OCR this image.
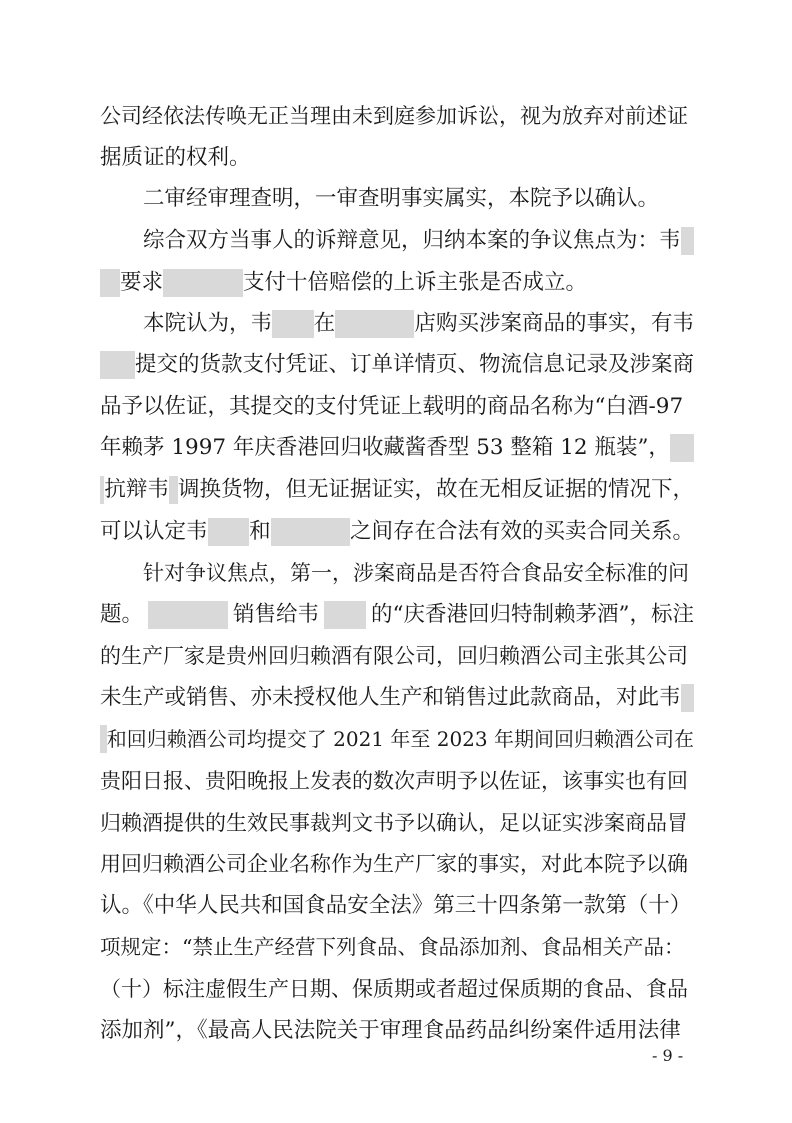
公司经依法传唤无正当理由未到庭参加诉讼，视为放弃对前述证
据质证的权利。
二审经审理查明，一审查明事实属实，本院予以确认。
综合双方当事人的诉辩意见，归纳本案的争议焦点为：韦
要求	支付十倍赔偿的上诉主张是否成立。
本院认为，韦 在	店购买涉案商品的事实，有韦
提交的货款支付凭证、订单详情页、物流信息记录及涉案商
品予以佐证，其提交的支付凭证上载明的商品名称为“白酒-97
年赖茅 1997 年庆香港回归收藏酱香型 53 整箱 12 瓶装”，
抗辩韦 调换货物，但无证据证实，故在无相反证据的情况下，
可以认定韦 和	之间存在合法有效的买卖合同关系。
针对争议焦点，第一，涉案商品是否符合食品安全标准的问
题。	销售给韦 的“庆香港回归特制赖茅酒”，标注
的生产厂家是贵州回归赖酒有限公司，回归赖酒公司主张其公司
未生产或销售、亦未授权他人生产和销售过此款商品，对此韦
和回归赖酒公司均提交了 2021 年至 2023 年期间回归赖酒公司在
贵阳日报、贵阳晚报上发表的数次声明予以佐证，该事实也有回
归赖酒提供的生效民事裁判文书予以确认，足以证实涉案商品冒
用回归赖酒公司企业名称作为生产厂家的事实，对此本院予以确
认。《中华人民共和国食品安全法》第三十四条第一款第（十）
项规定：“禁止生产经营下列食品、食品添加剂、食品相关产品：
（十）标注虚假生产日期、保质期或者超过保质期的食品、食品
添加剂”，《最高人民法院关于审理食品药品纠纷案件适用法律
- 9 -
